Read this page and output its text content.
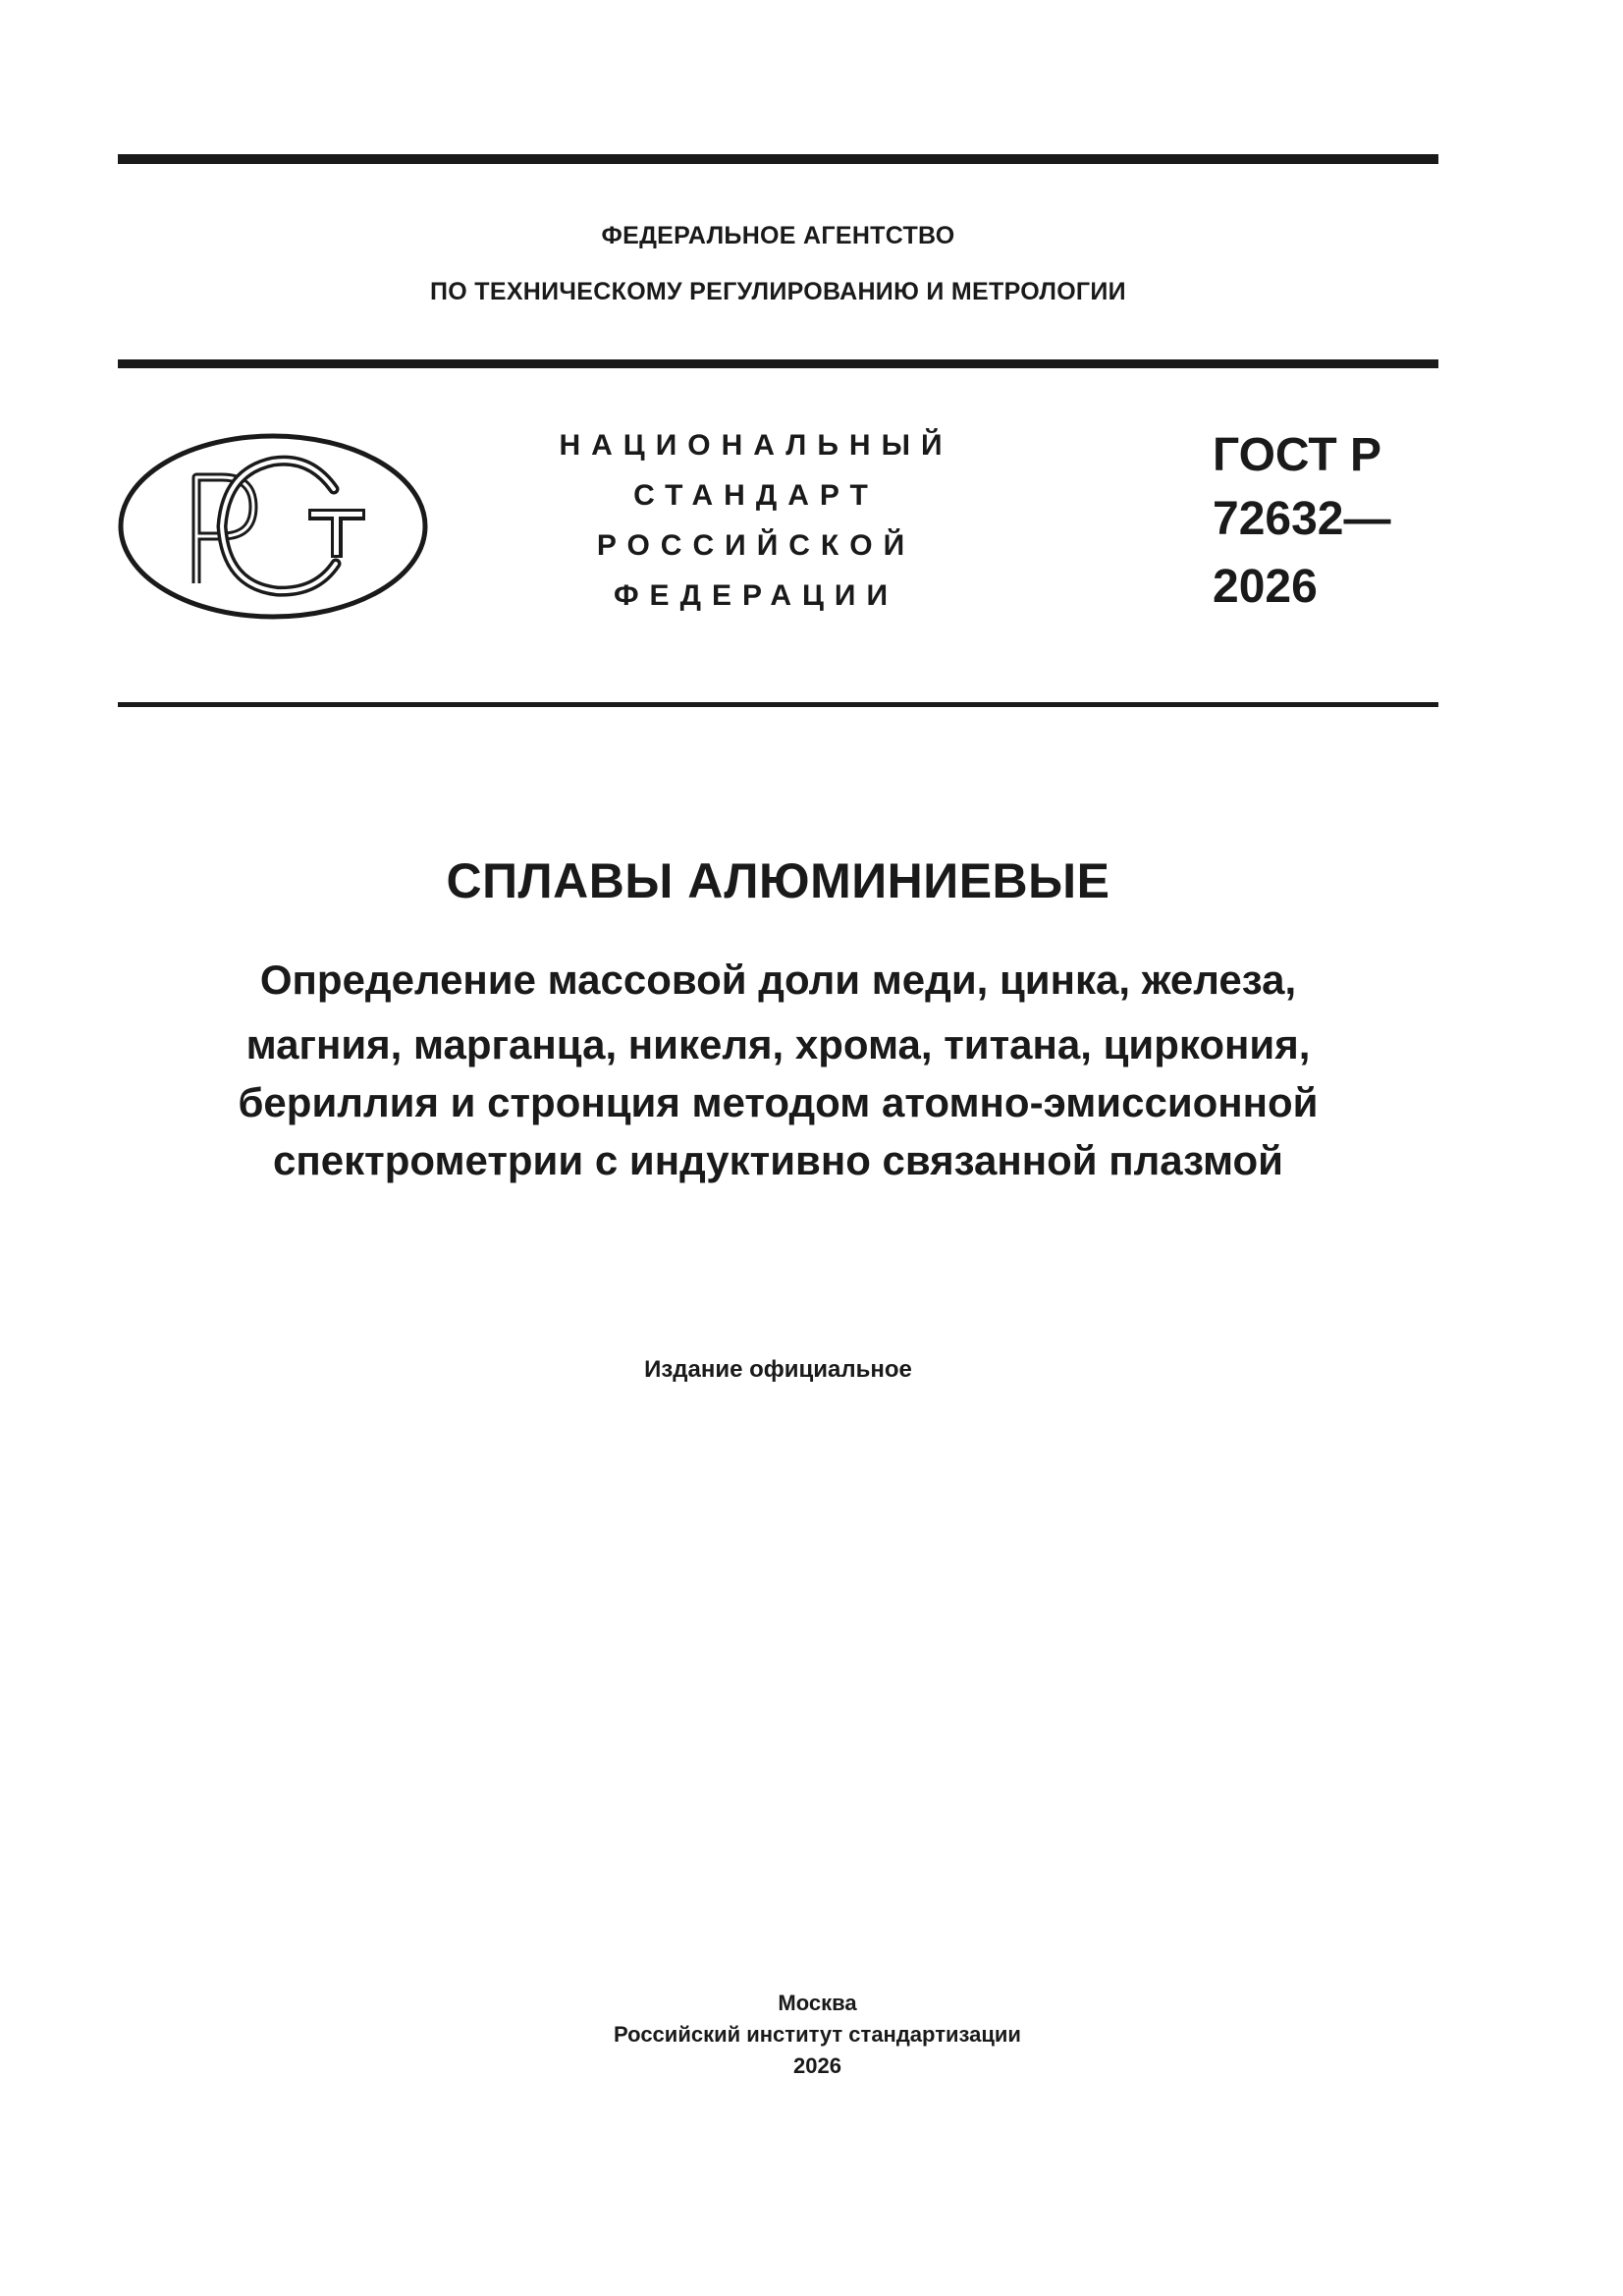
ФЕДЕРАЛЬНОЕ АГЕНТСТВО
ПО ТЕХНИЧЕСКОМУ РЕГУЛИРОВАНИЮ И МЕТРОЛОГИИ
НАЦИОНАЛЬНЫЙ
СТАНДАРТ
РОССИЙСКОЙ
ФЕДЕРАЦИИ
ГОСТ Р
72632—
2026
СПЛАВЫ АЛЮМИНИЕВЫЕ
Определение массовой доли меди, цинка, железа,
магния, марганца, никеля, хрома, титана, циркония,
бериллия и стронция методом атомно-эмиссионной
спектрометрии с индуктивно связанной плазмой
Издание официальное
Москва
Российский институт стандартизации
2026
